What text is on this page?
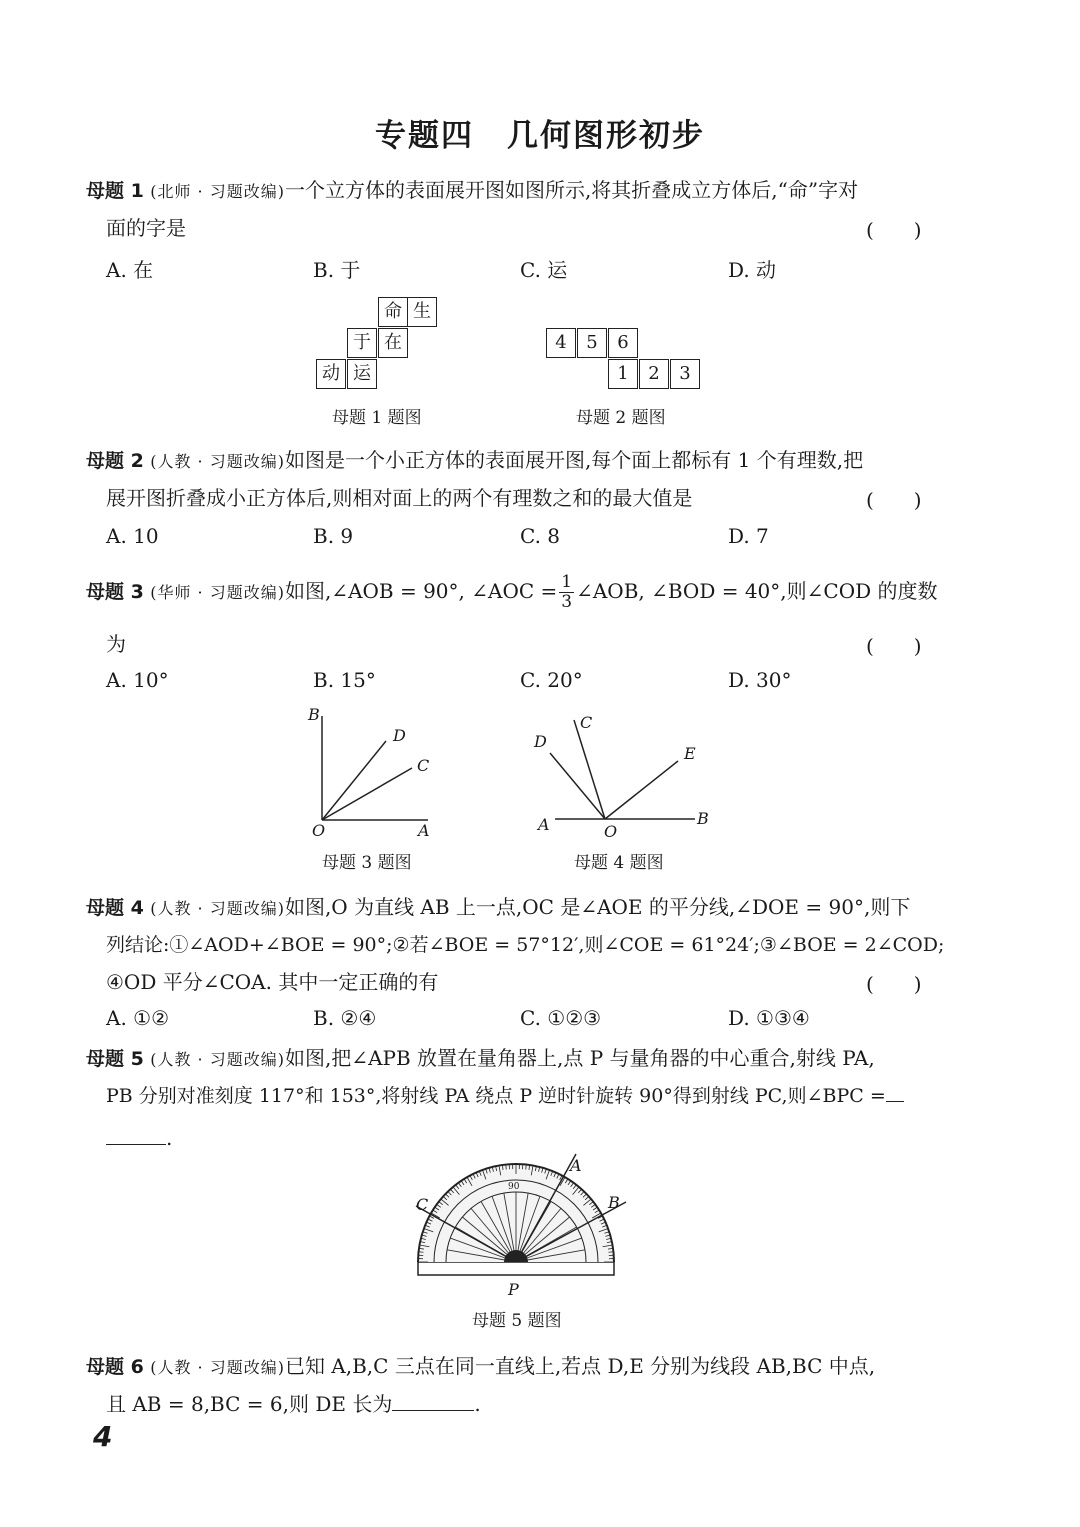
专题四　几何图形初步
母题 1 (北师 · 习题改编)一个立方体的表面展开图如图所示,将其折叠成立方体后,“命”字对
面的字是	(　　)
A. 在	B. 于	C. 运	D. 动
命 生
于 在
动 运
母题 1 题图
4	5	6
1	2	3
母题 2 题图
母题 2 (人教 · 习题改编)如图是一个小正方体的表面展开图,每个面上都标有 1 个有理数,把
展开图折叠成小正方体后,则相对面上的两个有理数之和的最大值是	(　　)
A. 10	B. 9	C. 8	D. 7
母题 3 (华师 · 习题改编)如图,∠AOB = 90°, ∠AOC = $\frac{1}{3}$ ∠AOB, ∠BOD = 40°,则∠COD 的度数
为	(　　)
A. 10°	B. 15°	C. 20°	D. 30°
B
D
C
O	A
母题 3 题图
C
D
E
A	O
B
母题 4 题图
母题 4 (人教 · 习题改编)如图,O 为直线 AB 上一点,OC 是∠AOE 的平分线,∠DOE = 90°,则下
列结论:①∠AOD+∠BOE = 90°;②若∠BOE = 57°12′,则∠COE = 61°24′;③∠BOE = 2∠COD;
④OD 平分∠COA. 其中一定正确的有	(　　)
A. ①②	B. ②④	C. ①②③	D. ①③④
母题 5 (人教 · 习题改编)如图,把∠APB 放置在量角器上,点 P 与量角器的中心重合,射线 PA,
PB 分别对准刻度 117°和 153°,将射线 PA 绕点 P 逆时针旋转 90°得到射线 PC,则∠BPC =
.
90
A
B
C
P
母题 5 题图
母题 6 (人教 · 习题改编)已知 A,B,C 三点在同一直线上,若点 D,E 分别为线段 AB,BC 中点,
且 AB = 8,BC = 6,则 DE 长为	.
4
